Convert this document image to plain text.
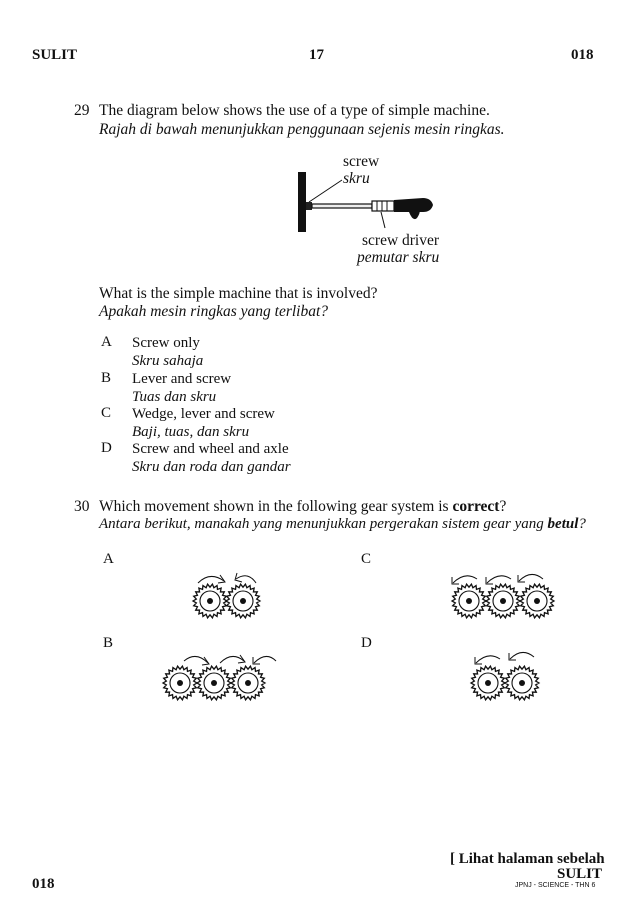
SULIT	17	018
29 The diagram below shows the use of a type of simple machine.
Rajah di bawah menunjukkan penggunaan sejenis mesin ringkas.
screw
skru
screw driver
pemutar skru
What is the simple machine that is involved?
Apakah mesin ringkas yang terlibat?
A Screw only
Skru sahaja
B Lever and screw
Tuas dan skru
C Wedge, lever and screw
Baji, tuas, dan skru
D Screw and wheel and axle
Skru dan roda dan gandar
30 Which movement shown in the following gear system is correct?
Antara berikut, manakah yang menunjukkan pergerakan sistem gear yang betul?
A	C
B	D
[ Lihat halaman sebelah
SULIT
018	JPNJ - SCIENCE - THN 6
